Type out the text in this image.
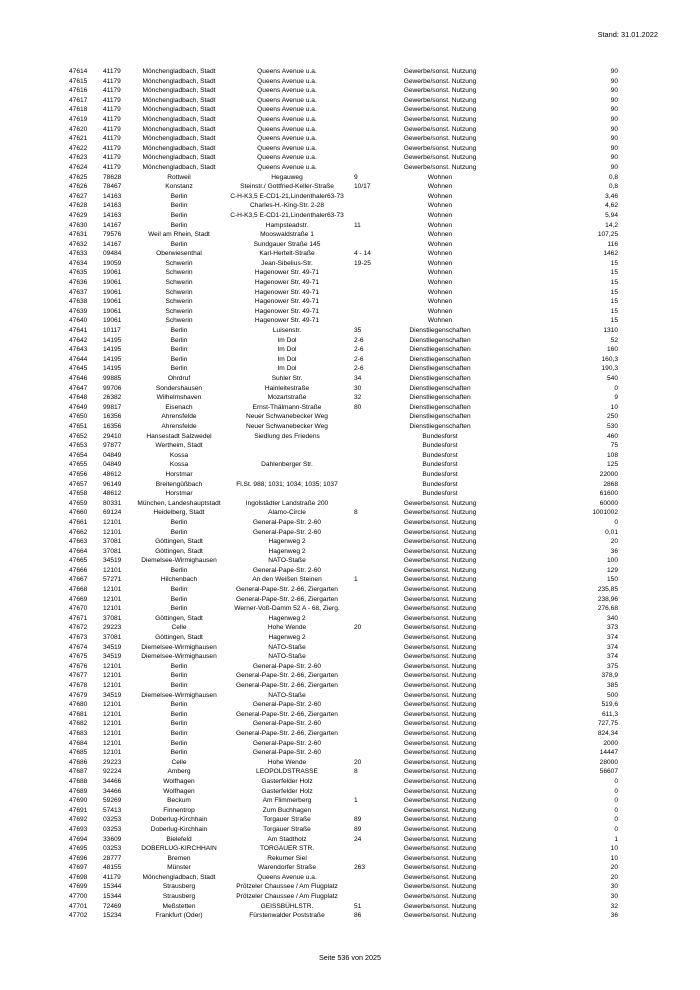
Stand: 31.01.2022
47614 41179	Mönchengladbach, Stadt	Queens Avenue u.a.	Gewerbe/sonst. Nutzung	90
47615 41179	Mönchengladbach, Stadt	Queens Avenue u.a.	Gewerbe/sonst. Nutzung	90
47616 41179	Mönchengladbach, Stadt	Queens Avenue u.a.	Gewerbe/sonst. Nutzung	90
47617 41179	Mönchengladbach, Stadt	Queens Avenue u.a.	Gewerbe/sonst. Nutzung	90
47618 41179	Mönchengladbach, Stadt	Queens Avenue u.a.	Gewerbe/sonst. Nutzung	90
47619 41179	Mönchengladbach, Stadt	Queens Avenue u.a.	Gewerbe/sonst. Nutzung	90
47620 41179	Mönchengladbach, Stadt	Queens Avenue u.a.	Gewerbe/sonst. Nutzung	90
47621 41179	Mönchengladbach, Stadt	Queens Avenue u.a.	Gewerbe/sonst. Nutzung	90
47622 41179	Mönchengladbach, Stadt	Queens Avenue u.a.	Gewerbe/sonst. Nutzung	90
47623 41179	Mönchengladbach, Stadt	Queens Avenue u.a.	Gewerbe/sonst. Nutzung	90
47624 41179	Mönchengladbach, Stadt	Queens Avenue u.a.	Gewerbe/sonst. Nutzung	90
47625 78628	Rottweil	Hegauweg	9	Wohnen	0,8
47626 78467	Konstanz	Steinstr./ Gottfried-Keller-Straße	10/17	Wohnen	0,8
47627 14163	Berlin	C-H-K3,5 E-CD1-21,Lindenthaler63-73	Wohnen	3,46
47628 14163	Berlin	Charles-H.-King-Str. 2-28	Wohnen	4,62
47629 14163	Berlin	C-H-K3,5 E-CD1-21,Lindenthaler63-73	Wohnen	5,94
47630 14167	Berlin	Hampsteadstr.	11	Wohnen	14,2
47631 79576	Weil am Rhein, Stadt	Mooswaldstraße 1	Wohnen	107,25
47632 14167	Berlin	Sundgauer Straße 145	Wohnen	116
47633 09484	Oberwiesenthal	Karl-Hertelt-Straße	4 - 14	Wohnen	1462
47634 19059	Schwerin	Jean-Sibelius-Str.	19-25	Wohnen	15
47635 19061	Schwerin	Hagenower Str. 49-71	Wohnen	15
47636 19061	Schwerin	Hagenower Str. 49-71	Wohnen	15
47637 19061	Schwerin	Hagenower Str. 49-71	Wohnen	15
47638 19061	Schwerin	Hagenower Str. 49-71	Wohnen	15
47639 19061	Schwerin	Hagenower Str. 49-71	Wohnen	15
47640 19061	Schwerin	Hagenower Str. 49-71	Wohnen	15
47641 10117	Berlin	Luisenstr.	35	Dienstliegenschaften	1310
47642 14195	Berlin	Im Dol	2-6	Dienstliegenschaften	52
47643 14195	Berlin	Im Dol	2-6	Dienstliegenschaften	160
47644 14195	Berlin	Im Dol	2-6	Dienstliegenschaften	160,3
47645 14195	Berlin	Im Dol	2-6	Dienstliegenschaften	190,3
47646 99885	Ohrdruf	Suhler Str.	34	Dienstliegenschaften	540
47647 99706	Sondershausen	Hainleitestraße	30	Dienstliegenschaften	0
47648 26382	Wilhelmshaven	Mozartstraße	32	Dienstliegenschaften	9
47649 99817	Eisenach	Ernst-Thälmann-Straße	80	Dienstliegenschaften	10
47650 16356	Ahrensfelde	Neuer Schwanebecker Weg	Dienstliegenschaften	250
47651 16356	Ahrensfelde	Neuer Schwanebecker Weg	Dienstliegenschaften	530
47652 29410	Hansestadt Salzwedel	Siedlung des Friedens	Bundesforst	460
47653 97877	Wertheim, Stadt	Bundesforst	75
47654 04849	Kossa	Bundesforst	108
47655 04849	Kossa	Dahlenberger Str.	Bundesforst	125
47656 48612	Horstmar	Bundesforst	22000
47657 96149	Breitengüßbach	Fl.St. 988; 1031; 1034; 1035; 1037	Bundesforst	2868
47658 48612	Horstmar	Bundesforst	61600
47659 80331	München, Landeshauptstadt	Ingolstädter Landstraße 200	Gewerbe/sonst. Nutzung	60000
47660 69124	Heidelberg, Stadt	Alamo-Circle	8	Gewerbe/sonst. Nutzung	1001002
47661 12101	Berlin	General-Pape-Str. 2-60	Gewerbe/sonst. Nutzung	0
47662 12101	Berlin	General-Pape-Str. 2-60	Gewerbe/sonst. Nutzung	0,01
47663 37081	Göttingen, Stadt	Hagenweg 2	Gewerbe/sonst. Nutzung	20
47664 37081	Göttingen, Stadt	Hagenweg 2	Gewerbe/sonst. Nutzung	36
47665 34519	Diemelsee-Wirmighausen	NATO-Staße	Gewerbe/sonst. Nutzung	100
47666 12101	Berlin	General-Pape-Str. 2-60	Gewerbe/sonst. Nutzung	129
47667 57271	Hilchenbach	An den Weißen Steinen	1	Gewerbe/sonst. Nutzung	150
47668 12101	Berlin	General-Pape-Str. 2-66, Ziergarten	Gewerbe/sonst. Nutzung	235,85
47669 12101	Berlin	General-Pape-Str. 2-66, Ziergarten	Gewerbe/sonst. Nutzung	238,96
47670 12101	Berlin	Werner-Voß-Damm 52 A - 68, Zierg.	Gewerbe/sonst. Nutzung	276,68
47671 37081	Göttingen, Stadt	Hagenweg 2	Gewerbe/sonst. Nutzung	340
47672 29223	Celle	Hohe Wende	20	Gewerbe/sonst. Nutzung	373
47673 37081	Göttingen, Stadt	Hagenweg 2	Gewerbe/sonst. Nutzung	374
47674 34519	Diemelsee-Wirmighausen	NATO-Staße	Gewerbe/sonst. Nutzung	374
47675 34519	Diemelsee-Wirmighausen	NATO-Staße	Gewerbe/sonst. Nutzung	374
47676 12101	Berlin	General-Pape-Str. 2-60	Gewerbe/sonst. Nutzung	375
47677 12101	Berlin	General-Pape-Str. 2-66, Ziergarten	Gewerbe/sonst. Nutzung	378,9
47678 12101	Berlin	General-Pape-Str. 2-66, Ziergarten	Gewerbe/sonst. Nutzung	385
47679 34519	Diemelsee-Wirmighausen	NATO-Staße	Gewerbe/sonst. Nutzung	500
47680 12101	Berlin	General-Pape-Str. 2-60	Gewerbe/sonst. Nutzung	519,6
47681 12101	Berlin	General-Pape-Str. 2-66, Ziergarten	Gewerbe/sonst. Nutzung	611,3
47682 12101	Berlin	General-Pape-Str. 2-60	Gewerbe/sonst. Nutzung	727,75
47683 12101	Berlin	General-Pape-Str. 2-66, Ziergarten	Gewerbe/sonst. Nutzung	824,34
47684 12101	Berlin	General-Pape-Str. 2-60	Gewerbe/sonst. Nutzung	2000
47685 12101	Berlin	General-Pape-Str. 2-60	Gewerbe/sonst. Nutzung	14447
47686 29223	Celle	Hohe Wende	20	Gewerbe/sonst. Nutzung	28000
47687 92224	Amberg	LEOPOLDSTRASSE	8	Gewerbe/sonst. Nutzung	56607
47688 34466	Wolfhagen	Gasterfelder Holz	Gewerbe/sonst. Nutzung	0
47689 34466	Wolfhagen	Gasterfelder Holz	Gewerbe/sonst. Nutzung	0
47690 59269	Beckum	Am Flimmerberg	1	Gewerbe/sonst. Nutzung	0
47691 57413	Finnentrop	Zum Buchhagen	Gewerbe/sonst. Nutzung	0
47692 03253	Doberlug-Kirchhain	Torgauer Straße	89	Gewerbe/sonst. Nutzung	0
47693 03253	Doberlug-Kirchhain	Torgauer Straße	89	Gewerbe/sonst. Nutzung	0
47694 33609	Bielefeld	Am Stadtholz	24	Gewerbe/sonst. Nutzung	1
47695 03253	DOBERLUG-KIRCHHAIN	TORGAUER STR.	Gewerbe/sonst. Nutzung	10
47696 28777	Bremen	Rekumer Siel	Gewerbe/sonst. Nutzung	10
47697 48155	Münster	Warendorfer Straße	263	Gewerbe/sonst. Nutzung	20
47698 41179	Mönchengladbach, Stadt	Queens Avenue u.a.	Gewerbe/sonst. Nutzung	20
47699 15344	Strausberg	Prötzeler Chaussee / Am Flugplatz	Gewerbe/sonst. Nutzung	30
47700 15344	Strausberg	Prötzeler Chaussee / Am Flugplatz	Gewerbe/sonst. Nutzung	30
47701 72469	Meßstetten	GEISSBÜHLSTR.	51	Gewerbe/sonst. Nutzung	32
47702 15234	Frankfurt (Oder)	Fürstenwalder Poststraße	86	Gewerbe/sonst. Nutzung	36
Seite 536 von 2025
